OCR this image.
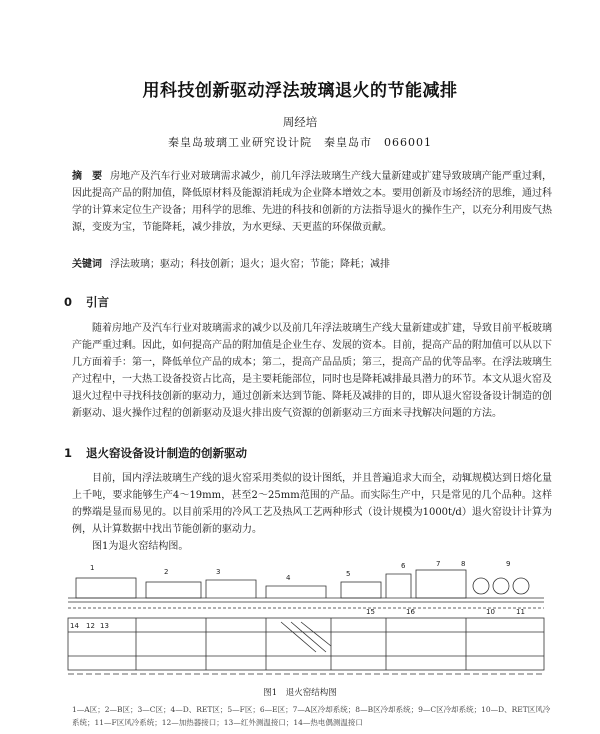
用科技创新驱动浮法玻璃退火的节能减排
周经培
秦皇岛玻璃工业研究设计院　秦皇岛市　066001
摘　要 房地产及汽车行业对玻璃需求减少，前几年浮法玻璃生产线大量新建或扩建导致玻璃产能严重过剩，因此提高产品的附加值，降低原材料及能源消耗成为企业降本增效之本。要用创新及市场经济的思维，通过科学的计算来定位生产设备；用科学的思维、先进的科技和创新的方法指导退火的操作生产，以充分利用废气热源，变废为宝，节能降耗，减少排放，为水更绿、天更蓝的环保做贡献。
关键词 浮法玻璃；驱动；科技创新；退火；退火窑；节能；降耗；减排
0 引言
随着房地产及汽车行业对玻璃需求的减少以及前几年浮法玻璃生产线大量新建或扩建，导致目前平板玻璃产能严重过剩。因此，如何提高产品的附加值是企业生存、发展的资本。目前，提高产品的附加值可以从以下几方面着手：第一，降低单位产品的成本；第二，提高产品品质；第三，提高产品的优等品率。在浮法玻璃生产过程中，一大热工设备投资占比高，是主要耗能部位，同时也是降耗减排最具潜力的环节。本文从退火窑及退火过程中寻找科技创新的驱动力，通过创新来达到节能、降耗及减排的目的，即从退火窑设备设计制造的创新驱动、退火操作过程的创新驱动及退火排出废气资源的创新驱动三方面来寻找解决问题的方法。
1 退火窑设备设计制造的创新驱动
目前，国内浮法玻璃生产线的退火窑采用类似的设计图纸，并且普遍追求大而全，动辄规模达到日熔化量上千吨，要求能够生产4～19mm，甚至2～25mm范围的产品。而实际生产中，只是常见的几个品种。这样的弊端是显而易见的。以目前采用的冷风工艺及热风工艺两种形式（设计规模为1000t/d）退火窑设计计算为例，从计算数据中找出节能创新的驱动力。
图1为退火窑结构图。
1	2	3
4	5
6	7	8	9
14 12 13
10	11
15	16
图1　退火窑结构图
1—A区；2—B区；3—C区；4—D、RET区；5—F区；6—E区；7—A区冷却系统；8—B区冷却系统；9—C区冷却系统；10—D、RET区风冷系统；11—F区风冷系统；12—加热器接口；13—红外测温接口；14—热电偶测温接口
